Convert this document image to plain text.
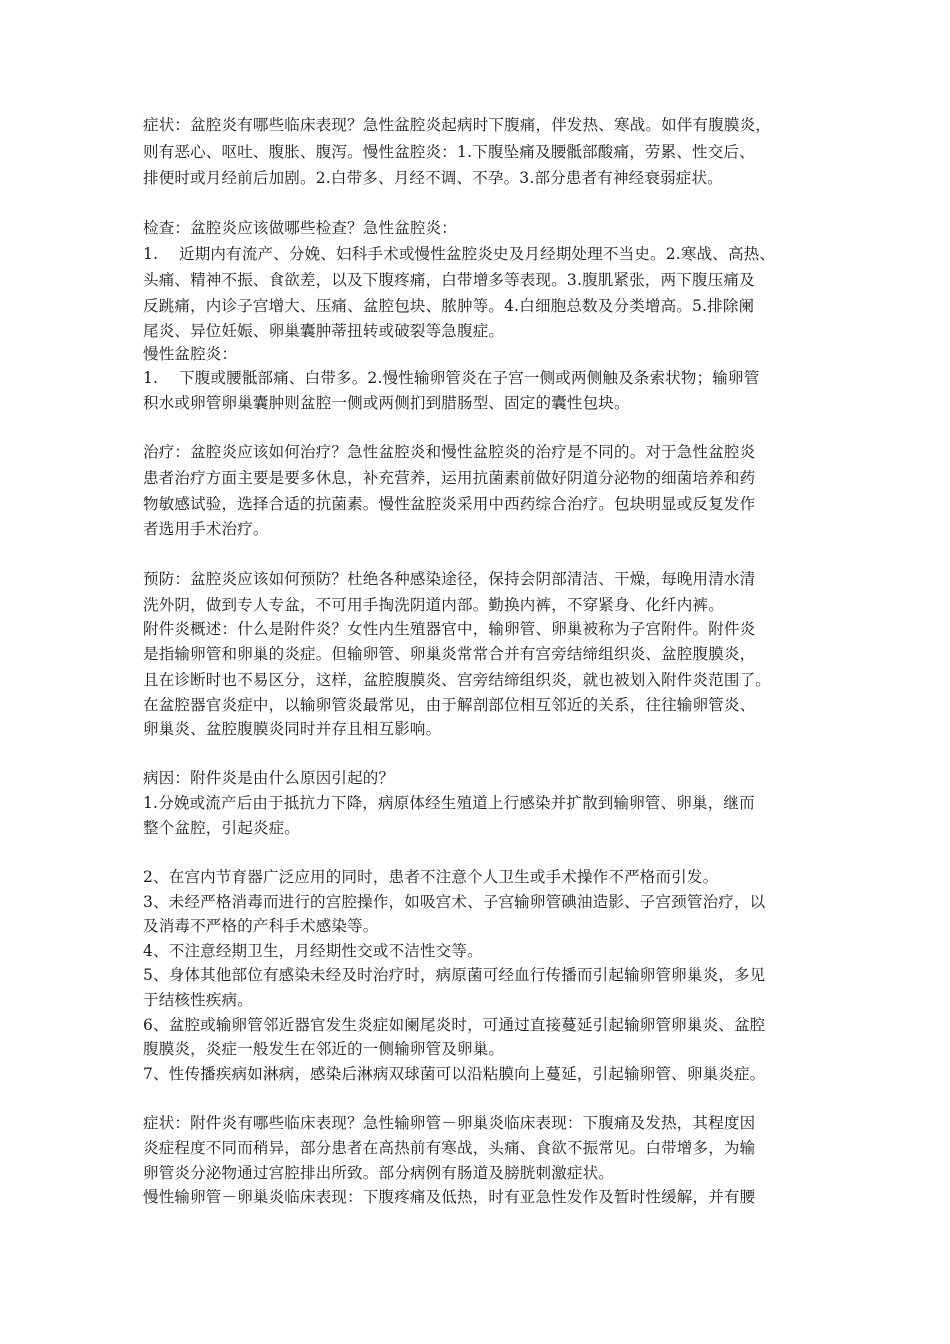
症状：盆腔炎有哪些临床表现？急性盆腔炎起病时下腹痛，伴发热、寒战。如伴有腹膜炎，
则有恶心、呕吐、腹胀、腹泻。慢性盆腔炎：1.下腹坠痛及腰骶部酸痛，劳累、性交后、
排便时或月经前后加剧。2.白带多、月经不调、不孕。3.部分患者有神经衰弱症状。
检查：盆腔炎应该做哪些检查？急性盆腔炎：
1.　 近期内有流产、分娩、妇科手术或慢性盆腔炎史及月经期处理不当史。2.寒战、高热、
头痛、精神不振、食欲差，以及下腹疼痛，白带增多等表现。3.腹肌紧张，两下腹压痛及
反跳痛，内诊子宫增大、压痛、盆腔包块、脓肿等。4.白细胞总数及分类增高。5.排除阑
尾炎、异位妊娠、卵巢囊肿蒂扭转或破裂等急腹症。
慢性盆腔炎：
1.　 下腹或腰骶部痛、白带多。2.慢性输卵管炎在子宫一侧或两侧触及条索状物；输卵管
积水或卵管卵巢囊肿则盆腔一侧或两侧扪到腊肠型、固定的囊性包块。
治疗：盆腔炎应该如何治疗？急性盆腔炎和慢性盆腔炎的治疗是不同的。对于急性盆腔炎
患者治疗方面主要是要多休息，补充营养，运用抗菌素前做好阴道分泌物的细菌培养和药
物敏感试验，选择合适的抗菌素。慢性盆腔炎采用中西药综合治疗。包块明显或反复发作
者选用手术治疗。
预防：盆腔炎应该如何预防？杜绝各种感染途径，保持会阴部清洁、干燥，每晚用清水清
洗外阴，做到专人专盆，不可用手掏洗阴道内部。勤换内裤，不穿紧身、化纤内裤。
附件炎概述：什么是附件炎？女性内生殖器官中，输卵管、卵巢被称为子宫附件。附件炎
是指输卵管和卵巢的炎症。但输卵管、卵巢炎常常合并有宫旁结缔组织炎、盆腔腹膜炎，
且在诊断时也不易区分，这样，盆腔腹膜炎、宫旁结缔组织炎，就也被划入附件炎范围了。
在盆腔器官炎症中，以输卵管炎最常见，由于解剖部位相互邻近的关系，往往输卵管炎、
卵巢炎、盆腔腹膜炎同时并存且相互影响。
病因：附件炎是由什么原因引起的？
1.分娩或流产后由于抵抗力下降，病原体经生殖道上行感染并扩散到输卵管、卵巢，继而
整个盆腔，引起炎症。
2、在宫内节育器广泛应用的同时，患者不注意个人卫生或手术操作不严格而引发。
3、未经严格消毒而进行的宫腔操作，如吸宫术、子宫输卵管碘油造影、子宫颈管治疗，以
及消毒不严格的产科手术感染等。
4、不注意经期卫生，月经期性交或不洁性交等。
5、身体其他部位有感染未经及时治疗时，病原菌可经血行传播而引起输卵管卵巢炎，多见
于结核性疾病。
6、盆腔或输卵管邻近器官发生炎症如阑尾炎时，可通过直接蔓延引起输卵管卵巢炎、盆腔
腹膜炎，炎症一般发生在邻近的一侧输卵管及卵巢。
7、性传播疾病如淋病，感染后淋病双球菌可以沿粘膜向上蔓延，引起输卵管、卵巢炎症。
症状：附件炎有哪些临床表现？急性输卵管－卵巢炎临床表现：下腹痛及发热，其程度因
炎症程度不同而稍异，部分患者在高热前有寒战，头痛、食欲不振常见。白带增多，为输
卵管炎分泌物通过宫腔排出所致。部分病例有肠道及膀胱刺激症状。
慢性输卵管－卵巢炎临床表现：下腹疼痛及低热，时有亚急性发作及暂时性缓解，并有腰
